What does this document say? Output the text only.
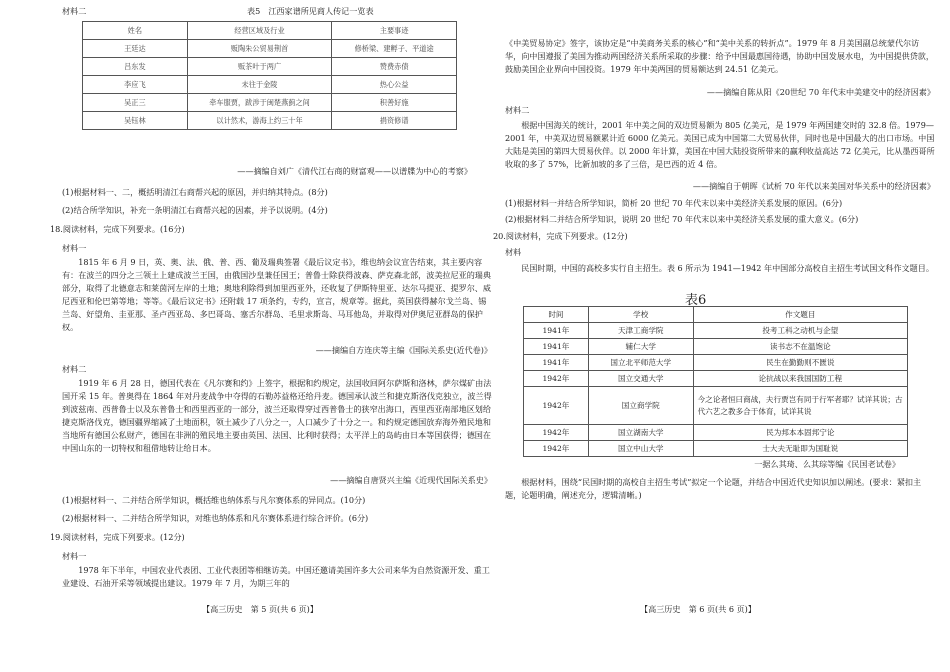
材料二	表5　江西家谱所见商人传记一览表
姓名	经营区域及行业	主要事迹
王廷达	贩陶朱公贸易荆首	修桥梁、建孵子、平道途
吕东发	贩茶叶于两广	赞费赤债
李应飞	未往于金陵	热心公益
吴正三	牵车服贾，跋涉于闽楚燕蓟之间	积善好施
吴钰林	以计然术，游海上约三十年	捐资修谱

——摘编自刘广《清代江右商的财富观——以谱牒为中心的考察》

(1)根据材料一、二，概括明清江右商帮兴起的原因，并归纳其特点。(8分)

(2)结合所学知识，补充一条明清江右商帮兴起的因素，并予以说明。(4分)

18.阅读材料，完成下列要求。(16分)

材料一

1815 年 6 月 9 日，英、奥、法、俄、普、西、葡及瑞典签署《最后议定书》，维也纳会议宣告结束，其主要内容有：在波兰的四分之三领土上建成波兰王国，由俄国沙皇兼任国王；普鲁士除获得波森、萨克森北部，波美拉尼亚的瑞典部分，取得了北德意志和莱茵河左岸的土地；奥地利除得到加里西亚外，还收复了伊斯特里亚、达尔马提亚、提罗尔、威尼西亚和伦巴第等地；等等。《最后议定书》还附载 17 项条约，专约，宣言，规章等。据此，英国获得赫尔戈兰岛、锡兰岛、好望角、圭亚那、圣卢西亚岛、多巴哥岛、塞舌尔群岛、毛里求斯岛、马耳他岛，并取得对伊奥尼亚群岛的保护权。

——摘编自方连庆等主编《国际关系史(近代卷)》

材料二

1919 年 6 月 28 日，德国代表在《凡尔赛和约》上签字，根据和约规定，法国收回阿尔萨斯和洛林，萨尔煤矿由法国开采 15 年。普奥得在 1864 年对丹麦战争中夺得的石勒苏益格还给丹麦。德国承认波兰和捷克斯洛伐克独立，波兰得到波兹南、西普鲁士以及东普鲁士和西里西亚的一部分，波兰还取得穿过西普鲁士的狭窄出海口，西里西亚南部地区划给捷克斯洛伐克，德国疆界缩减了土地面积，领土减少了八分之一，人口减少了十分之一。和约规定德国放弃海外殖民地和当地所有德国公私财产，德国在非洲的殖民地主要由英国、法国、比利时获得；太平洋上的岛屿由日本等国获得；德国在中国山东的一切特权和租借地转让给日本。

——摘编自唐贤兴主编《近现代国际关系史》

(1)根据材料一、二并结合所学知识，概括维也纳体系与凡尔赛体系的异同点。(10分)

(2)根据材料一、二并结合所学知识，对维也纳体系和凡尔赛体系进行综合评价。(6分)

19.阅读材料，完成下列要求。(12分)

材料一

1978 年下半年，中国农业代表团、工业代表团等相继访美。中国还邀请美国许多大公司来华为自然资源开发、重工业建设、石油开采等领域提出建议。1979 年 7 月，为期三年的

【高三历史　第 5 页(共 6 页)】

《中美贸易协定》签字，该协定是“中美商务关系的核心”和“美中关系的转折点”。1979 年 8 月美国副总统蒙代尔访华，向中国遵报了美国为推动两国经济关系所采取的步骤：给予中国最惠国待遇，协助中国发展水电，为中国提供贷款，鼓励美国企业界向中国投资。1979 年中美两国的贸易额达到 24.51 亿美元。

——摘编自陈从阳《20世纪 70 年代末中美建交中的经济因素》

材料二

根据中国海关的统计，2001 年中美之间的双边贸易额为 805 亿美元，是 1979 年两国建交时的 32.8 倍。1979—2001 年，中美双边贸易额累计近 6000 亿美元。美国已成为中国第二大贸易伙伴，同时也是中国最大的出口市场。中国大陆是美国的第四大贸易伙伴。以 2000 年计算，美国在中国大陆投资所带来的赢利收益高达 72 亿美元，比从墨西哥所收取的多了 57%，比新加坡的多了三倍，是巴西的近 4 倍。

——摘编自于朝晖《试析 70 年代以来美国对华关系中的经济因素》

(1)根据材料一并结合所学知识，简析 20 世纪 70 年代末以来中美经济关系发展的原因。(6分)

(2)根据材料二并结合所学知识，说明 20 世纪 70 年代末以来中美经济关系发展的重大意义。(6分)

20.阅读材料，完成下列要求。(12分)

材料

民国时期，中国的高校多实行自主招生。表 6 所示为 1941—1942 年中国部分高校自主招生考试国文科作文题目。

表6
时间	学校	作文题目
1941年	天津工商学院	投考工科之动机与企望
1941年	辅仁大学	读书志不在温饱论
1941年	国立北平师范大学	民生在勤勤则不匮说
1942年	国立交通大学	论抗战以来我国国防工程
1942年	国立商学院	今之论者恒曰商战，夫行贾岂有同于行军者耶？试详其说；古代六艺之教多合于体育，试详其说
1942年	国立湖南大学	民为邦本本固邦宁论
1942年	国立中山大学	士大夫无耻即为国耻说

一据么其琦、么其琮等编《民国老试卷》

根据材料，围绕“民国时期的高校自主招生考试”拟定一个论题，并结合中国近代史知识加以阐述。(要求：紧扣主题，论题明确，阐述充分，逻辑清晰。)

【高三历史　第 6 页(共 6 页)】
